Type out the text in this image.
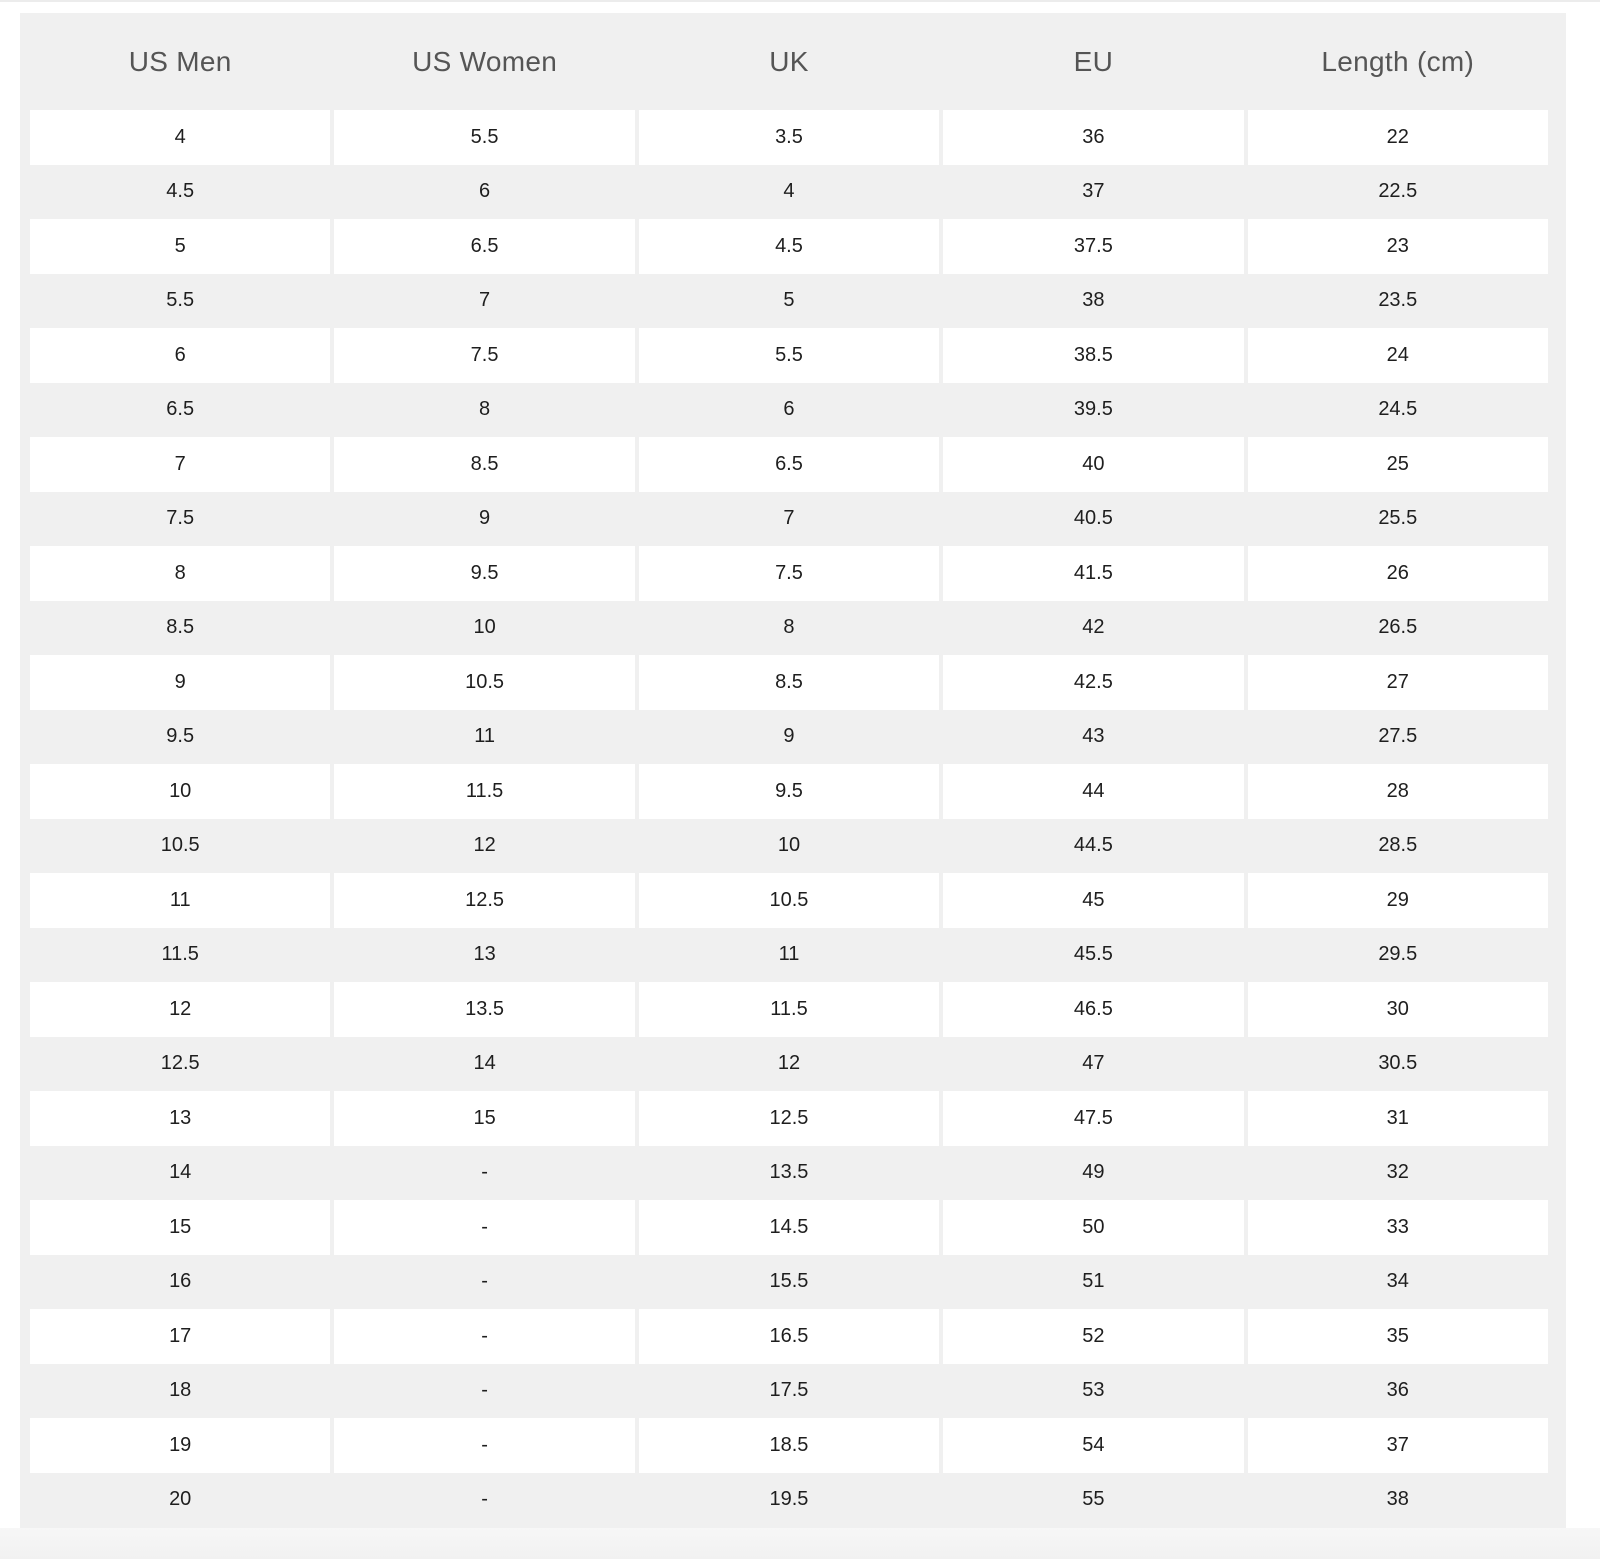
US Men	US Women	UK	EU	Length (cm)
4	5.5	3.5	36	22
4.5	6	4	37	22.5
5	6.5	4.5	37.5	23
5.5	7	5	38	23.5
6	7.5	5.5	38.5	24
6.5	8	6	39.5	24.5
7	8.5	6.5	40	25
7.5	9	7	40.5	25.5
8	9.5	7.5	41.5	26
8.5	10	8	42	26.5
9	10.5	8.5	42.5	27
9.5	11	9	43	27.5
10	11.5	9.5	44	28
10.5	12	10	44.5	28.5
11	12.5	10.5	45	29
11.5	13	11	45.5	29.5
12	13.5	11.5	46.5	30
12.5	14	12	47	30.5
13	15	12.5	47.5	31
14	-	13.5	49	32
15	-	14.5	50	33
16	-	15.5	51	34
17	-	16.5	52	35
18	-	17.5	53	36
19	-	18.5	54	37
20	-	19.5	55	38
